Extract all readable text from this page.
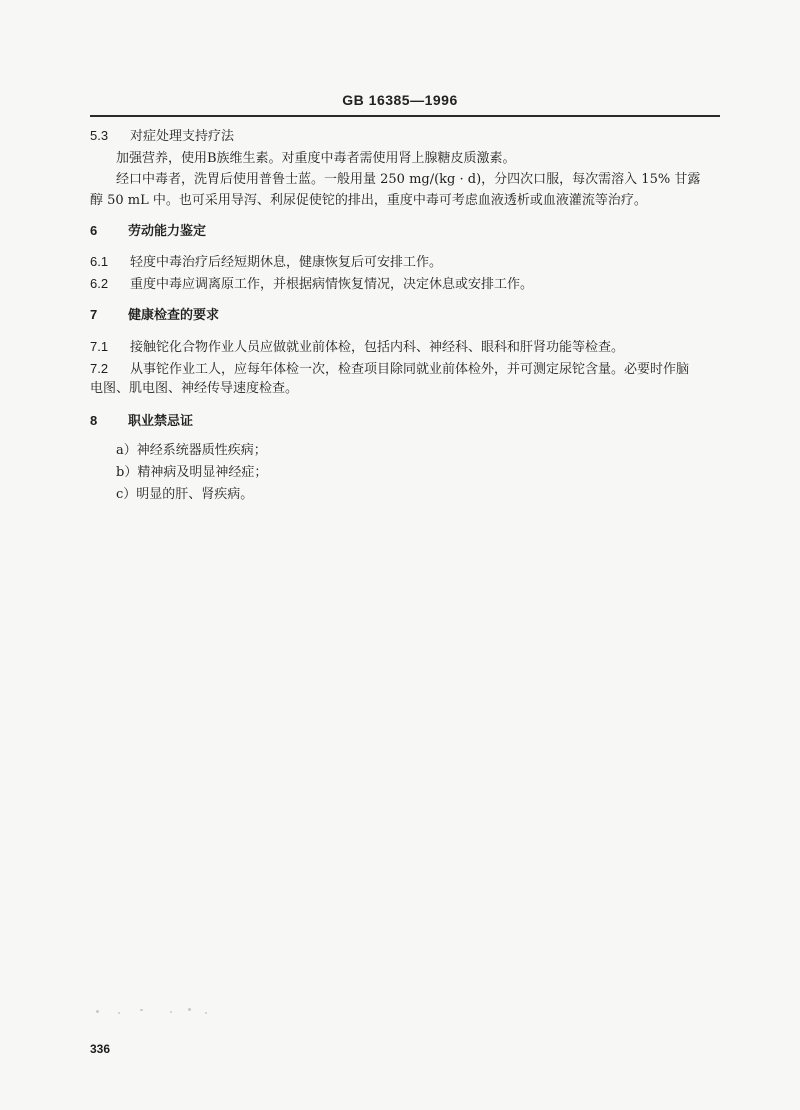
GB 16385—1996
5.3 对症处理支持疗法
加强营养，使用B族维生素。对重度中毒者需使用肾上腺糖皮质激素。
经口中毒者，洗胃后使用普鲁士蓝。一般用量 250 mg/(kg · d)，分四次口服，每次需溶入 15% 甘露
醇 50 mL 中。也可采用导泻、利尿促使铊的排出，重度中毒可考虑血液透析或血液灌流等治疗。
6 劳动能力鉴定
6.1 轻度中毒治疗后经短期休息，健康恢复后可安排工作。
6.2 重度中毒应调离原工作，并根据病情恢复情况，决定休息或安排工作。
7 健康检查的要求
7.1 接触铊化合物作业人员应做就业前体检，包括内科、神经科、眼科和肝肾功能等检查。
7.2 从事铊作业工人，应每年体检一次，检查项目除同就业前体检外，并可测定尿铊含量。必要时作脑
电图、肌电图、神经传导速度检查。
8 职业禁忌证
a）神经系统器质性疾病；
b）精神病及明显神经症；
c）明显的肝、肾疾病。
336
